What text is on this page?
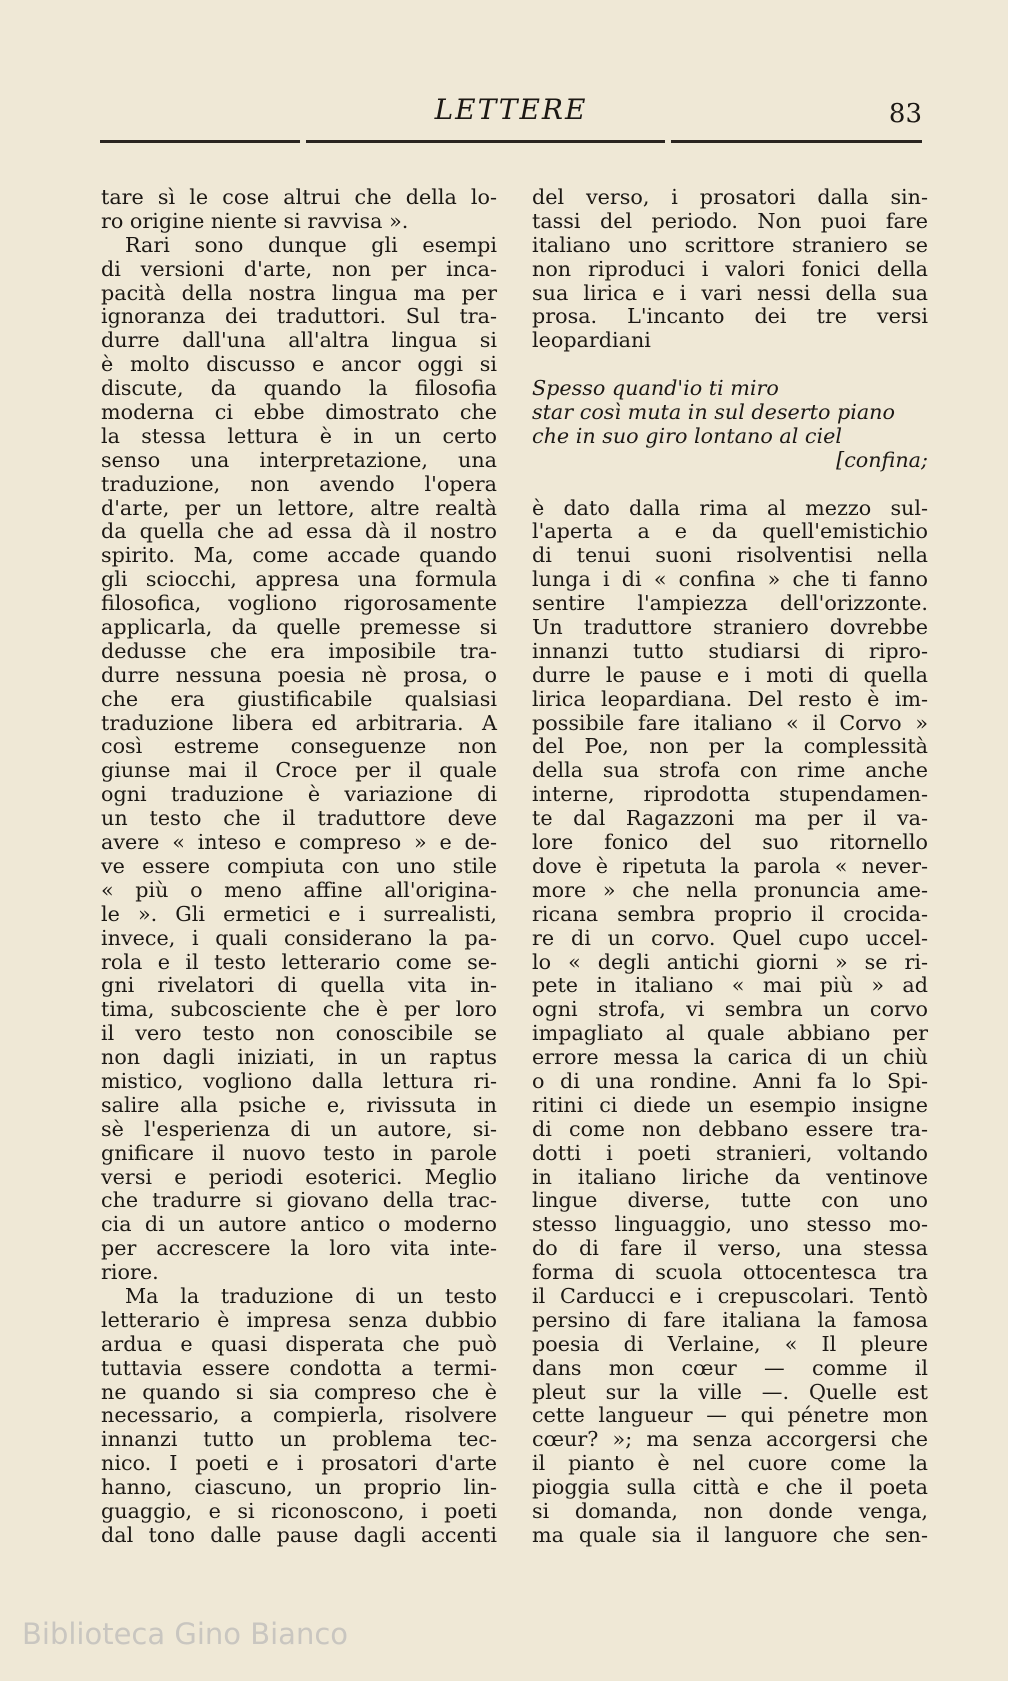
LETTERE	83
tare sì le cose altrui che della lo-
ro origine niente si ravvisa ».
Rari sono dunque gli esempi
di versioni d'arte, non per inca-
pacità della nostra lingua ma per
ignoranza dei traduttori. Sul tra-
durre dall'una all'altra lingua si
è molto discusso e ancor oggi si
discute, da quando la filosofia
moderna ci ebbe dimostrato che
la stessa lettura è in un certo
senso una interpretazione, una
traduzione, non avendo l'opera
d'arte, per un lettore, altre realtà
da quella che ad essa dà il nostro
spirito. Ma, come accade quando
gli sciocchi, appresa una formula
filosofica, vogliono rigorosamente
applicarla, da quelle premesse si
dedusse che era imposibile tra-
durre nessuna poesia nè prosa, o
che era giustificabile qualsiasi
traduzione libera ed arbitraria. A
così estreme conseguenze non
giunse mai il Croce per il quale
ogni traduzione è variazione di
un testo che il traduttore deve
avere « inteso e compreso » e de-
ve essere compiuta con uno stile
« più o meno affine all'origina-
le ». Gli ermetici e i surrealisti,
invece, i quali considerano la pa-
rola e il testo letterario come se-
gni rivelatori di quella vita in-
tima, subcosciente che è per loro
il vero testo non conoscibile se
non dagli iniziati, in un raptus
mistico, vogliono dalla lettura ri-
salire alla psiche e, rivissuta in
sè l'esperienza di un autore, si-
gnificare il nuovo testo in parole
versi e periodi esoterici. Meglio
che tradurre si giovano della trac-
cia di un autore antico o moderno
per accrescere la loro vita inte-
riore.
Ma la traduzione di un testo
letterario è impresa senza dubbio
ardua e quasi disperata che può
tuttavia essere condotta a termi-
ne quando si sia compreso che è
necessario, a compierla, risolvere
innanzi tutto un problema tec-
nico. I poeti e i prosatori d'arte
hanno, ciascuno, un proprio lin-
guaggio, e si riconoscono, i poeti
dal tono dalle pause dagli accenti
del verso, i prosatori dalla sin-
tassi del periodo. Non puoi fare
italiano uno scrittore straniero se
non riproduci i valori fonici della
sua lirica e i vari nessi della sua
prosa. L'incanto dei tre versi
leopardiani
Spesso quand'io ti miro
star così muta in sul deserto piano
che in suo giro lontano al ciel
[confina;
è dato dalla rima al mezzo sul-
l'aperta a e da quell'emistichio
di tenui suoni risolventisi nella
lunga i di « confina » che ti fanno
sentire l'ampiezza dell'orizzonte.
Un traduttore straniero dovrebbe
innanzi tutto studiarsi di ripro-
durre le pause e i moti di quella
lirica leopardiana. Del resto è im-
possibile fare italiano « il Corvo »
del Poe, non per la complessità
della sua strofa con rime anche
interne, riprodotta stupendamen-
te dal Ragazzoni ma per il va-
lore fonico del suo ritornello
dove è ripetuta la parola « never-
more » che nella pronuncia ame-
ricana sembra proprio il crocida-
re di un corvo. Quel cupo uccel-
lo « degli antichi giorni » se ri-
pete in italiano « mai più » ad
ogni strofa, vi sembra un corvo
impagliato al quale abbiano per
errore messa la carica di un chiù
o di una rondine. Anni fa lo Spi-
ritini ci diede un esempio insigne
di come non debbano essere tra-
dotti i poeti stranieri, voltando
in italiano liriche da ventinove
lingue diverse, tutte con uno
stesso linguaggio, uno stesso mo-
do di fare il verso, una stessa
forma di scuola ottocentesca tra
il Carducci e i crepuscolari. Tentò
persino di fare italiana la famosa
poesia di Verlaine, « Il pleure
dans mon cœur — comme il
pleut sur la ville —. Quelle est
cette langueur — qui pénetre mon
cœur? »; ma senza accorgersi che
il pianto è nel cuore come la
pioggia sulla città e che il poeta
si domanda, non donde venga,
ma quale sia il languore che sen-
Biblioteca Gino Bianco
